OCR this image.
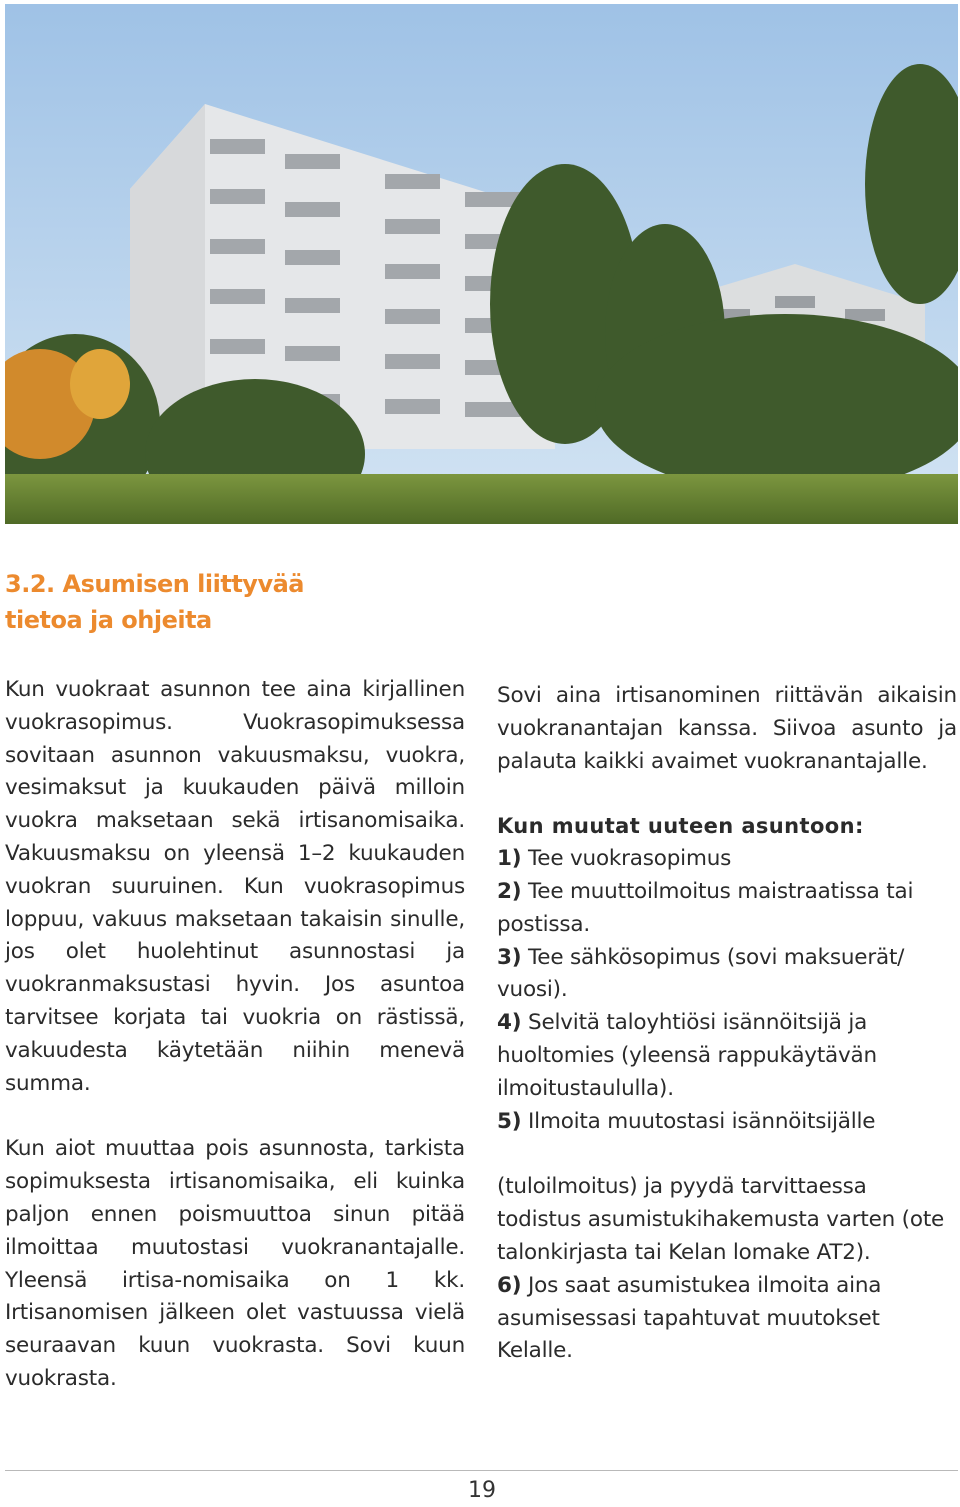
3.2. Asumisen liittyvää
tietoa ja ohjeita

Kun vuokraat asunnon tee aina kirjallinen vuokrasopimus. Vuokrasopimuksessa sovitaan asunnon vakuusmaksu, vuokra, vesimaksut ja kuukauden päivä milloin vuokra maksetaan sekä irtisanomisaika. Vakuusmaksu on yleensä 1–2 kuukauden vuokran suuruinen. Kun vuokrasopimus loppuu, vakuus maksetaan takaisin sinulle, jos olet huolehtinut asunnostasi ja vuokranmaksustasi hyvin. Jos asuntoa tarvitsee korjata tai vuokria on rästissä, vakuudesta käytetään niihin menevä summa.

Kun aiot muuttaa pois asunnosta, tarkista sopimuksesta irtisanomisaika, eli kuinka paljon ennen poismuuttoa sinun pitää ilmoittaa muutostasi vuokranantajalle. Yleensä irtisa-nomisaika on 1 kk. Irtisanomisen jälkeen olet vastuussa vielä seuraavan kuun vuokrasta. Sovi kuun vuokrasta.

Sovi aina irtisanominen riittävän aikaisin vuokranantajan kanssa. Siivoa asunto ja palauta kaikki avaimet vuokranantajalle.

Kun muutat uuteen asuntoon:
1) Tee vuokrasopimus
2) Tee muuttoilmoitus maistraatissa tai postissa.
3) Tee sähkösopimus (sovi maksuerät/ vuosi).
4) Selvitä taloyhtiösi isännöitsijä ja huoltomies (yleensä rappukäytävän ilmoitustaululla).
5) Ilmoita muutostasi isännöitsijälle
(tuloilmoitus) ja pyydä tarvittaessa todistus asumistukihakemusta varten (ote talonkirjasta tai Kelan lomake AT2).
6) Jos saat asumistukea ilmoita aina asumisessasi tapahtuvat muutokset Kelalle.
19
